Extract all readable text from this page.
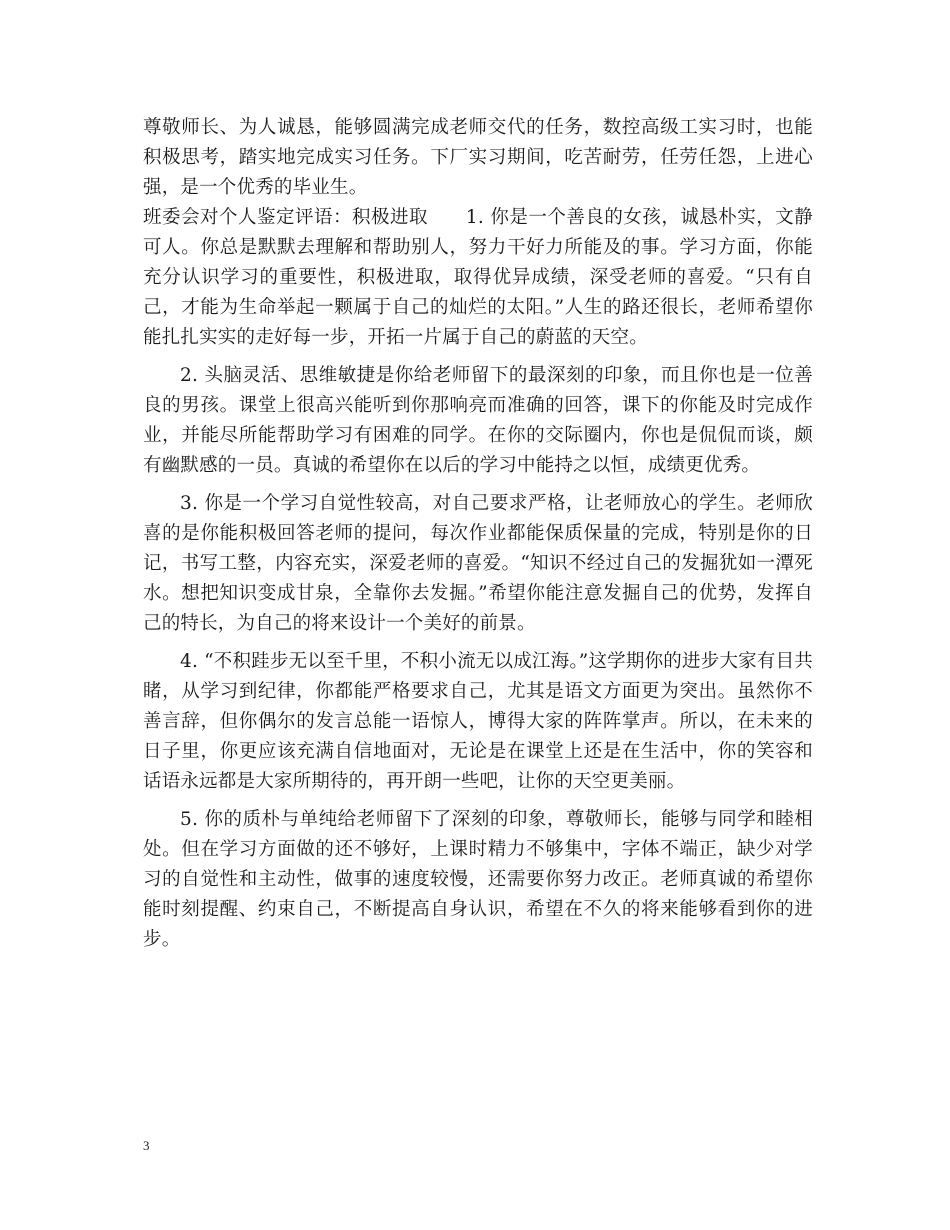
尊敬师长、为人诚恳，能够圆满完成老师交代的任务，数控高级工实习时，也能积极思考，踏实地完成实习任务。下厂实习期间，吃苦耐劳，任劳任怨，上进心强，是一个优秀的毕业生。

班委会对个人鉴定评语：积极进取　　1. 你是一个善良的女孩，诚恳朴实，文静可人。你总是默默去理解和帮助别人，努力干好力所能及的事。学习方面，你能充分认识学习的重要性，积极进取，取得优异成绩，深受老师的喜爱。“只有自己，才能为生命举起一颗属于自己的灿烂的太阳。”人生的路还很长，老师希望你能扎扎实实的走好每一步，开拓一片属于自己的蔚蓝的天空。

2. 头脑灵活、思维敏捷是你给老师留下的最深刻的印象，而且你也是一位善良的男孩。课堂上很高兴能听到你那响亮而准确的回答，课下的你能及时完成作业，并能尽所能帮助学习有困难的同学。在你的交际圈内，你也是侃侃而谈，颇有幽默感的一员。真诚的希望你在以后的学习中能持之以恒，成绩更优秀。

3. 你是一个学习自觉性较高，对自己要求严格，让老师放心的学生。老师欣喜的是你能积极回答老师的提问，每次作业都能保质保量的完成，特别是你的日记，书写工整，内容充实，深爱老师的喜爱。“知识不经过自己的发掘犹如一潭死水。想把知识变成甘泉，全靠你去发掘。”希望你能注意发掘自己的优势，发挥自己的特长，为自己的将来设计一个美好的前景。

4. “不积跬步无以至千里，不积小流无以成江海。”这学期你的进步大家有目共睹，从学习到纪律，你都能严格要求自己，尤其是语文方面更为突出。虽然你不善言辞，但你偶尔的发言总能一语惊人，博得大家的阵阵掌声。所以，在未来的日子里，你更应该充满自信地面对，无论是在课堂上还是在生活中，你的笑容和话语永远都是大家所期待的，再开朗一些吧，让你的天空更美丽。

5. 你的质朴与单纯给老师留下了深刻的印象，尊敬师长，能够与同学和睦相处。但在学习方面做的还不够好，上课时精力不够集中，字体不端正，缺少对学习的自觉性和主动性，做事的速度较慢，还需要你努力改正。老师真诚的希望你能时刻提醒、约束自己，不断提高自身认识，希望在不久的将来能够看到你的进步。

3
